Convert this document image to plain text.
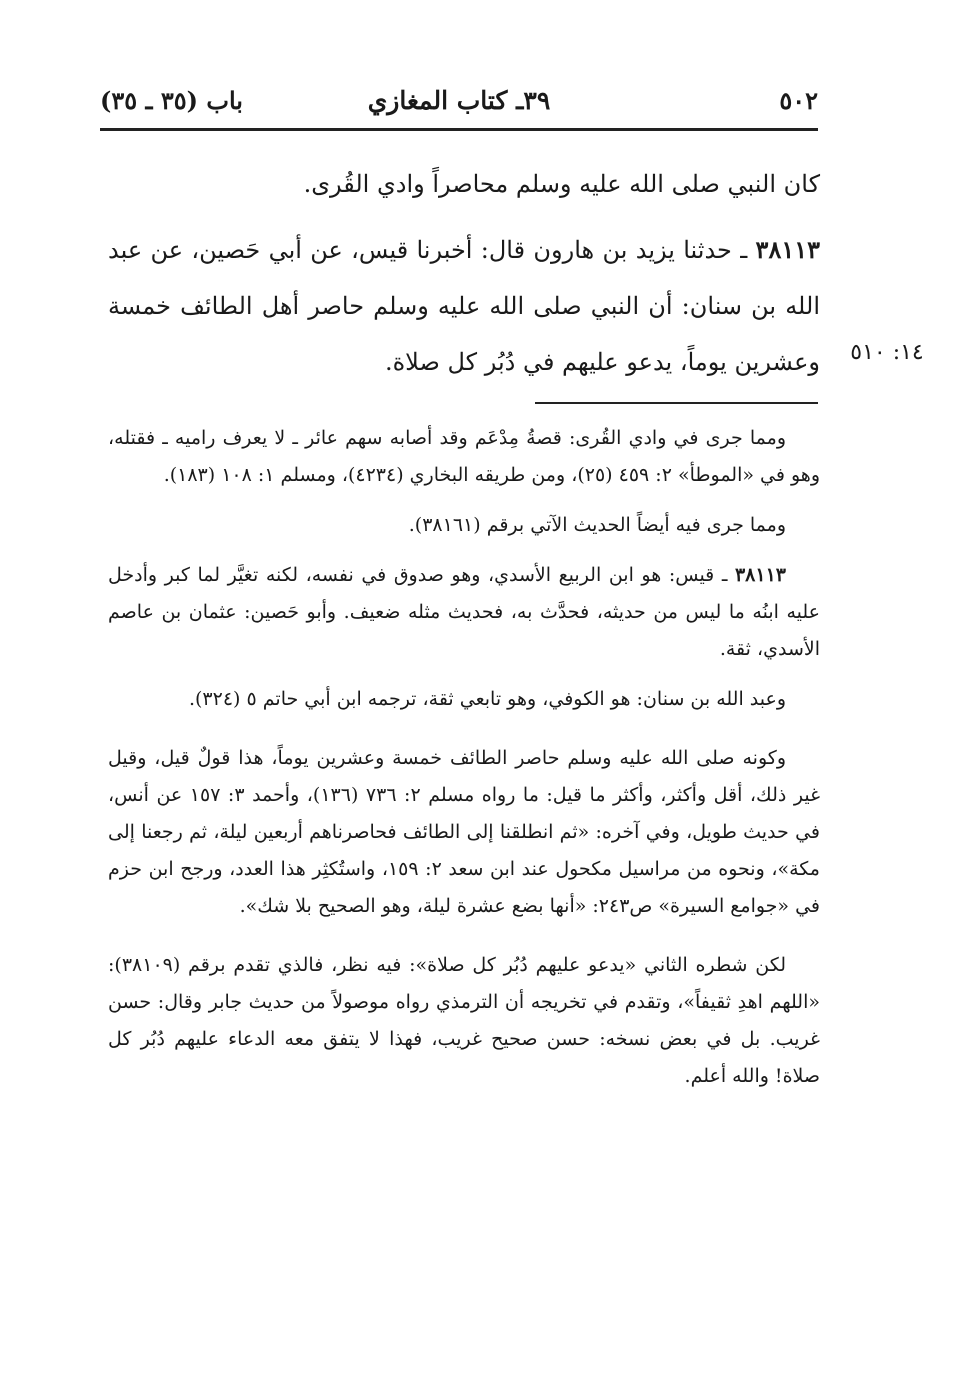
٥٠٢
٣٩ـ كتاب المغازي
باب (٣٥ ـ ٣٥)

كان النبي صلى الله عليه وسلم محاصراً وادي القُرى.

٣٨١١٣ ـ حدثنا يزيد بن هارون قال: أخبرنا قيس، عن أبي حَصين، عن عبد الله بن سنان: أن النبي صلى الله عليه وسلم حاصر أهل الطائف خمسة وعشرين يوماً، يدعو عليهم في دُبُر كل صلاة.	١٤: ٥١٠

ومما جرى في وادي القُرى: قصةُ مِدْعَم وقد أصابه سهم عائر ـ لا يعرف راميه ـ فقتله، وهو في «الموطأ» ٢: ٤٥٩ (٢٥)، ومن طريقه البخاري (٤٢٣٤)، ومسلم ١: ١٠٨ (١٨٣).

ومما جرى فيه أيضاً الحديث الآتي برقم (٣٨١٦١).

٣٨١١٣ ـ قيس: هو ابن الربيع الأسدي، وهو صدوق في نفسه، لكنه تغيَّر لما كبر وأدخل عليه ابنُه ما ليس من حديثه، فحدَّث به، فحديث مثله ضعيف. وأبو حَصين: عثمان بن عاصم الأسدي، ثقة.

وعبد الله بن سنان: هو الكوفي، وهو تابعي ثقة، ترجمه ابن أبي حاتم ٥ (٣٢٤).

وكونه صلى الله عليه وسلم حاصر الطائف خمسة وعشرين يوماً، هذا قولٌ قيل، وقيل غير ذلك، أقل وأكثر، وأكثر ما قيل: ما رواه مسلم ٢: ٧٣٦ (١٣٦)، وأحمد ٣: ١٥٧ عن أنس، في حديث طويل، وفي آخره: «ثم انطلقنا إلى الطائف فحاصرناهم أربعين ليلة، ثم رجعنا إلى مكة»، ونحوه من مراسيل مكحول عند ابن سعد ٢: ١٥٩، واستُكثِر هذا العدد، ورجح ابن حزم في «جوامع السيرة» ص٢٤٣: «أنها بضع عشرة ليلة، وهو الصحيح بلا شك».

لكن شطره الثاني «يدعو عليهم دُبُر كل صلاة»: فيه نظر، فالذي تقدم برقم (٣٨١٠٩): «اللهم اهدِ ثقيفاً»، وتقدم في تخريجه أن الترمذي رواه موصولاً من حديث جابر وقال: حسن غريب. بل في بعض نسخه: حسن صحيح غريب، فهذا لا يتفق معه الدعاء عليهم دُبُر كل صلاة! والله أعلم.
